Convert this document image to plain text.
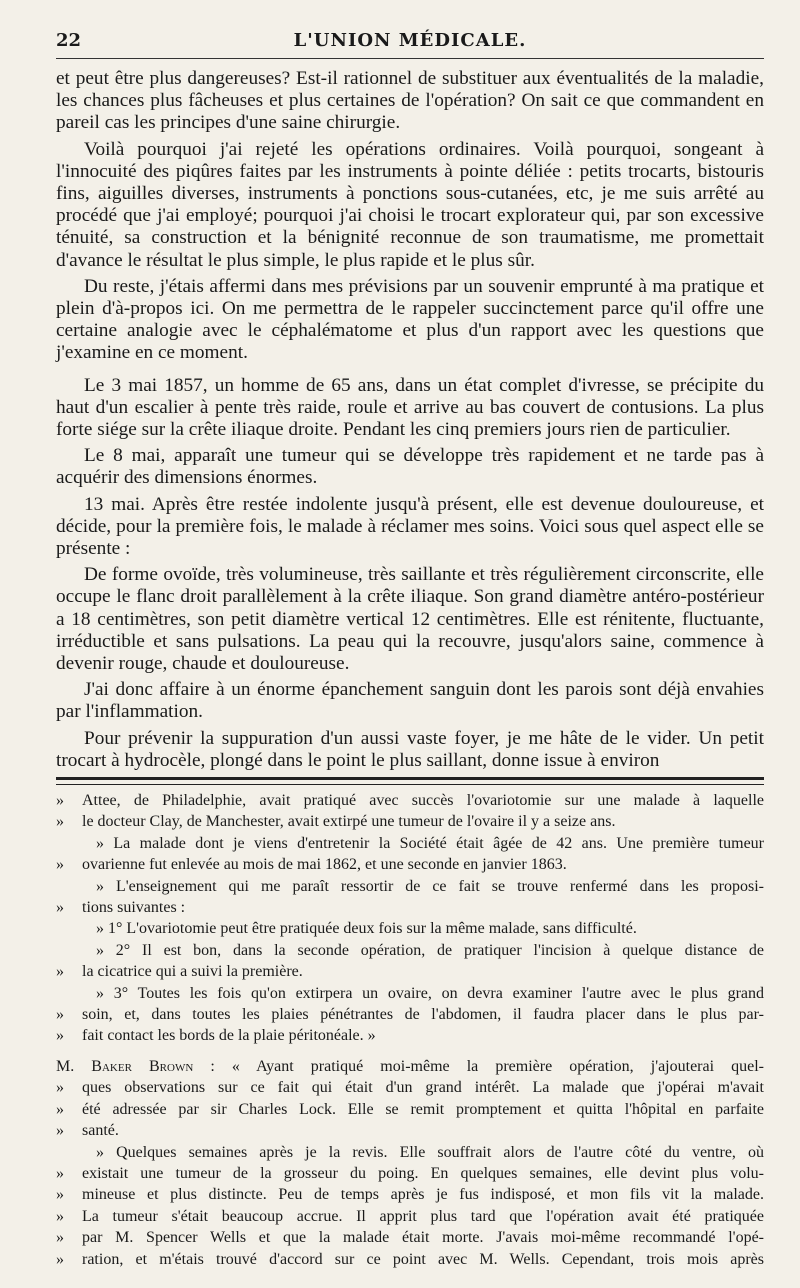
22	L'UNION MÉDICALE.

et peut être plus dangereuses? Est-il rationnel de substituer aux éventualités de la maladie, les chances plus fâcheuses et plus certaines de l'opération? On sait ce que commandent en pareil cas les principes d'une saine chirurgie.

Voilà pourquoi j'ai rejeté les opérations ordinaires. Voilà pourquoi, songeant à l'innocuité des piqûres faites par les instruments à pointe déliée : petits trocarts, bistouris fins, aiguilles diverses, instruments à ponctions sous-cutanées, etc, je me suis arrêté au procédé que j'ai employé; pourquoi j'ai choisi le trocart explorateur qui, par son excessive ténuité, sa construction et la bénignité reconnue de son traumatisme, me promettait d'avance le résultat le plus simple, le plus rapide et le plus sûr.

Du reste, j'étais affermi dans mes prévisions par un souvenir emprunté à ma pratique et plein d'à-propos ici. On me permettra de le rappeler succinctement parce qu'il offre une certaine analogie avec le céphalématome et plus d'un rapport avec les questions que j'examine en ce moment.

Le 3 mai 1857, un homme de 65 ans, dans un état complet d'ivresse, se précipite du haut d'un escalier à pente très raide, roule et arrive au bas couvert de contusions. La plus forte siége sur la crête iliaque droite. Pendant les cinq premiers jours rien de particulier.

Le 8 mai, apparaît une tumeur qui se développe très rapidement et ne tarde pas à acquérir des dimensions énormes.

13 mai. Après être restée indolente jusqu'à présent, elle est devenue douloureuse, et décide, pour la première fois, le malade à réclamer mes soins. Voici sous quel aspect elle se présente :

De forme ovoïde, très volumineuse, très saillante et très régulièrement circonscrite, elle occupe le flanc droit parallèlement à la crête iliaque. Son grand diamètre antéro-postérieur a 18 centimètres, son petit diamètre vertical 12 centimètres. Elle est rénitente, fluctuante, irréductible et sans pulsations. La peau qui la recouvre, jusqu'alors saine, commence à devenir rouge, chaude et douloureuse.

J'ai donc affaire à un énorme épanchement sanguin dont les parois sont déjà envahies par l'inflammation.

Pour prévenir la suppuration d'un aussi vaste foyer, je me hâte de le vider. Un petit trocart à hydrocèle, plongé dans le point le plus saillant, donne issue à environ

»	Attee, de Philadelphie, avait pratiqué avec succès l'ovariotomie sur une malade à laquelle
»	le docteur Clay, de Manchester, avait extirpé une tumeur de l'ovaire il y a seize ans.
» La malade dont je viens d'entretenir la Société était âgée de 42 ans. Une première tumeur
»	ovarienne fut enlevée au mois de mai 1862, et une seconde en janvier 1863.
» L'enseignement qui me paraît ressortir de ce fait se trouve renfermé dans les proposi-
»	tions suivantes :
» 1° L'ovariotomie peut être pratiquée deux fois sur la même malade, sans difficulté.
» 2° Il est bon, dans la seconde opération, de pratiquer l'incision à quelque distance de
»	la cicatrice qui a suivi la première.
» 3° Toutes les fois qu'on extirpera un ovaire, on devra examiner l'autre avec le plus grand
»	soin, et, dans toutes les plaies pénétrantes de l'abdomen, il faudra placer dans le plus par-
»	fait contact les bords de la plaie péritonéale. »
M. Baker Brown : « Ayant pratiqué moi-même la première opération, j'ajouterai quel-
»	ques observations sur ce fait qui était d'un grand intérêt. La malade que j'opérai m'avait
»	été adressée par sir Charles Lock. Elle se remit promptement et quitta l'hôpital en parfaite
»	santé.
» Quelques semaines après je la revis. Elle souffrait alors de l'autre côté du ventre, où
»	existait une tumeur de la grosseur du poing. En quelques semaines, elle devint plus volu-
»	mineuse et plus distincte. Peu de temps après je fus indisposé, et mon fils vit la malade.
»	La tumeur s'était beaucoup accrue. Il apprit plus tard que l'opération avait été pratiquée
»	par M. Spencer Wells et que la malade était morte. J'avais moi-même recommandé l'opé-
»	ration, et m'étais trouvé d'accord sur ce point avec M. Wells. Cependant, trois mois après
